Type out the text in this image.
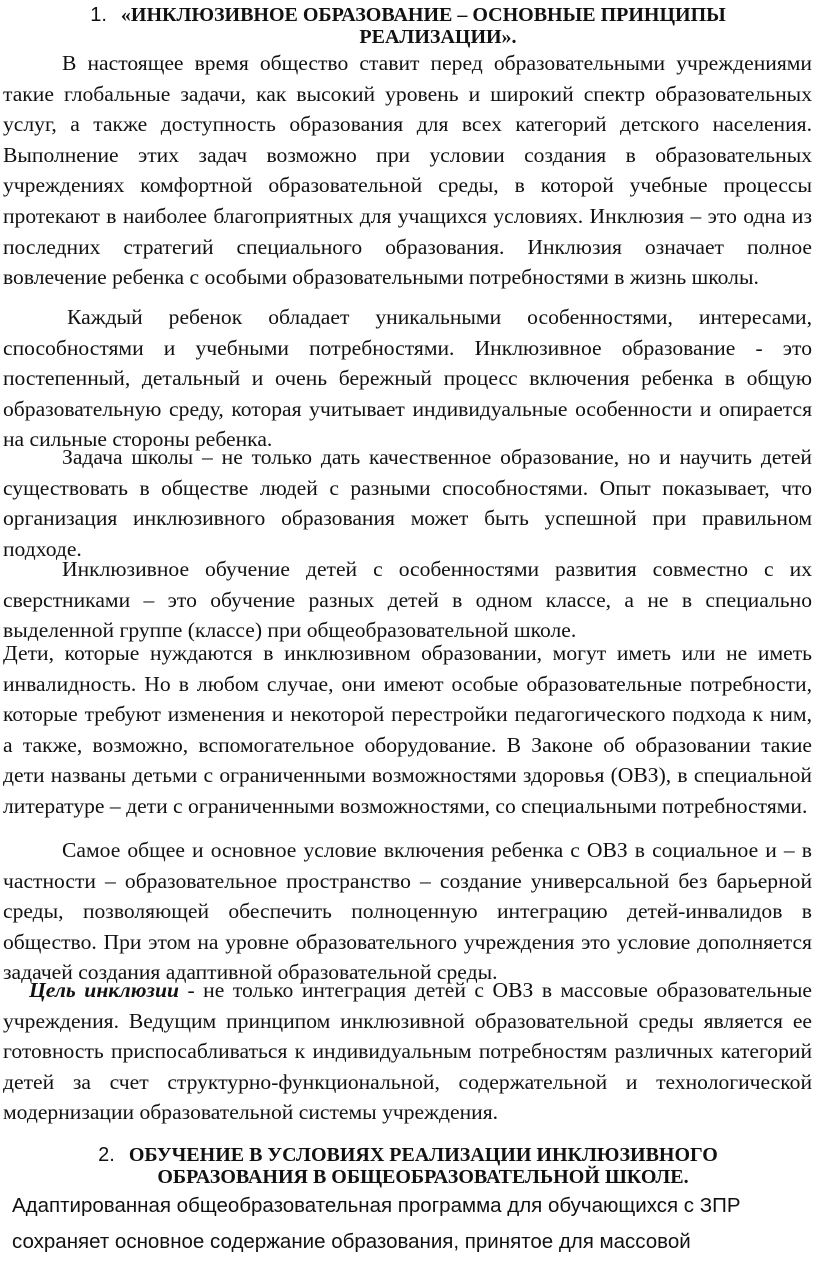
1. «ИНКЛЮЗИВНОЕ ОБРАЗОВАНИЕ – ОСНОВНЫЕ ПРИНЦИПЫ
РЕАЛИЗАЦИИ».
В настоящее время общество ставит перед образовательными учреждениями такие глобальные задачи, как высокий уровень и широкий спектр образовательных услуг, а также доступность образования для всех категорий детского населения. Выполнение этих задач возможно при условии создания в образовательных учреждениях комфортной образовательной среды, в которой учебные процессы протекают в наиболее благоприятных для учащихся условиях. Инклюзия – это одна из последних стратегий специального образования. Инклюзия означает полное вовлечение ребенка с особыми образовательными потребностями в жизнь школы.
Каждый ребенок обладает уникальными особенностями, интересами, способностями и учебными потребностями. Инклюзивное образование - это постепенный, детальный и очень бережный процесс включения ребенка в общую образовательную среду, которая учитывает индивидуальные особенности и опирается на сильные стороны ребенка.
Задача школы – не только дать качественное образование, но и научить детей существовать в обществе людей с разными способностями. Опыт показывает, что организация инклюзивного образования может быть успешной при правильном подходе.
Инклюзивное обучение детей с особенностями развития совместно с их сверстниками – это обучение разных детей в одном классе, а не в специально выделенной группе (классе) при общеобразовательной школе.
Дети, которые нуждаются в инклюзивном образовании, могут иметь или не иметь инвалидность. Но в любом случае, они имеют особые образовательные потребности, которые требуют изменения и некоторой перестройки педагогического подхода к ним, а также, возможно, вспомогательное оборудование. В Законе об образовании такие дети названы детьми с ограниченными возможностями здоровья (ОВЗ), в специальной литературе – дети с ограниченными возможностями, со специальными потребностями.
Самое общее и основное условие включения ребенка с ОВЗ в социальное и – в частности – образовательное пространство – создание универсальной без барьерной среды, позволяющей обеспечить полноценную интеграцию детей-инвалидов в общество. При этом на уровне образовательного учреждения это условие дополняется задачей создания адаптивной образовательной среды.
Цель инклюзии - не только интеграция детей с ОВЗ в массовые образовательные учреждения. Ведущим принципом инклюзивной образовательной среды является ее готовность приспосабливаться к индивидуальным потребностям различных категорий детей за счет структурно-функциональной, содержательной и технологической модернизации образовательной системы учреждения.
2. ОБУЧЕНИЕ В УСЛОВИЯХ РЕАЛИЗАЦИИ ИНКЛЮЗИВНОГО
ОБРАЗОВАНИЯ В ОБЩЕОБРАЗОВАТЕЛЬНОЙ ШКОЛЕ.
Адаптированная общеобразовательная программа для обучающихся с ЗПР
сохраняет основное содержание образования, принятое для массовой
